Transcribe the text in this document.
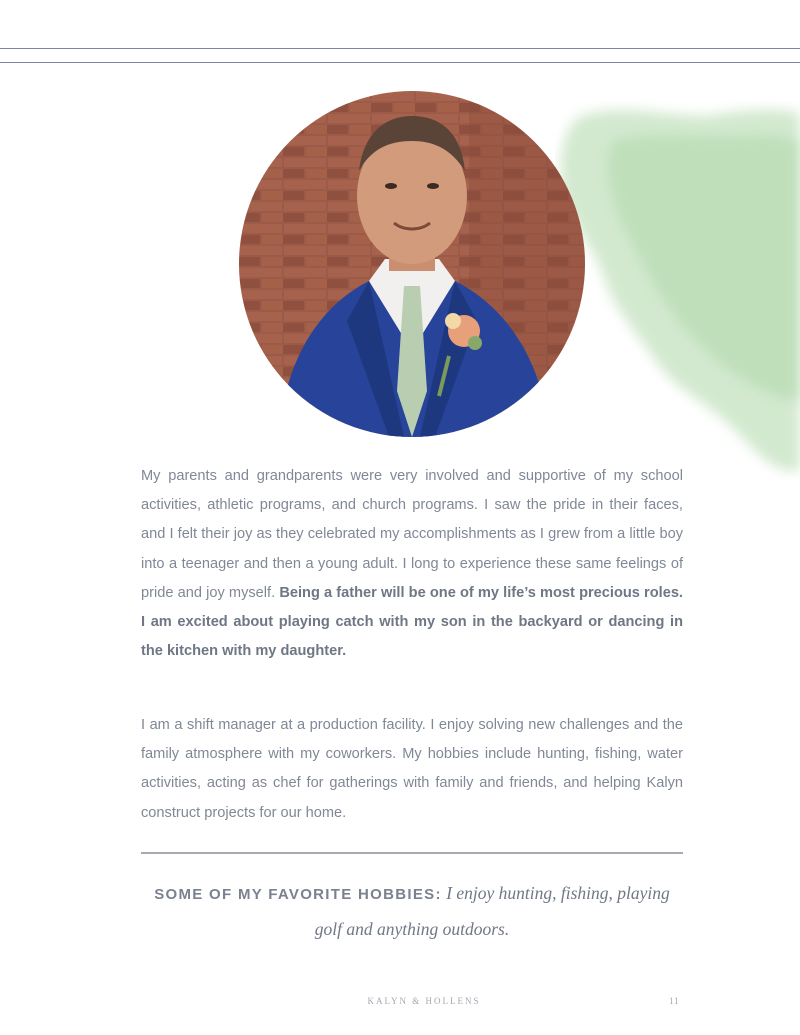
My parents and grandparents were very involved and supportive of my school activities, athletic programs, and church programs. I saw the pride in their faces, and I felt their joy as they celebrated my accomplishments as I grew from a little boy into a teenager and then a young adult. I long to experience these same feelings of pride and joy myself. Being a father will be one of my life’s most precious roles. I am excited about playing catch with my son in the backyard or dancing in the kitchen with my daughter.

I am a shift manager at a production facility. I enjoy solving new challenges and the family atmosphere with my coworkers. My hobbies include hunting, fishing, water activities, acting as chef for gatherings with family and friends, and helping Kalyn construct projects for our home.

SOME OF MY FAVORITE HOBBIES: I enjoy hunting, fishing, playing golf and anything outdoors.
KALYN & HOLLENS	11
